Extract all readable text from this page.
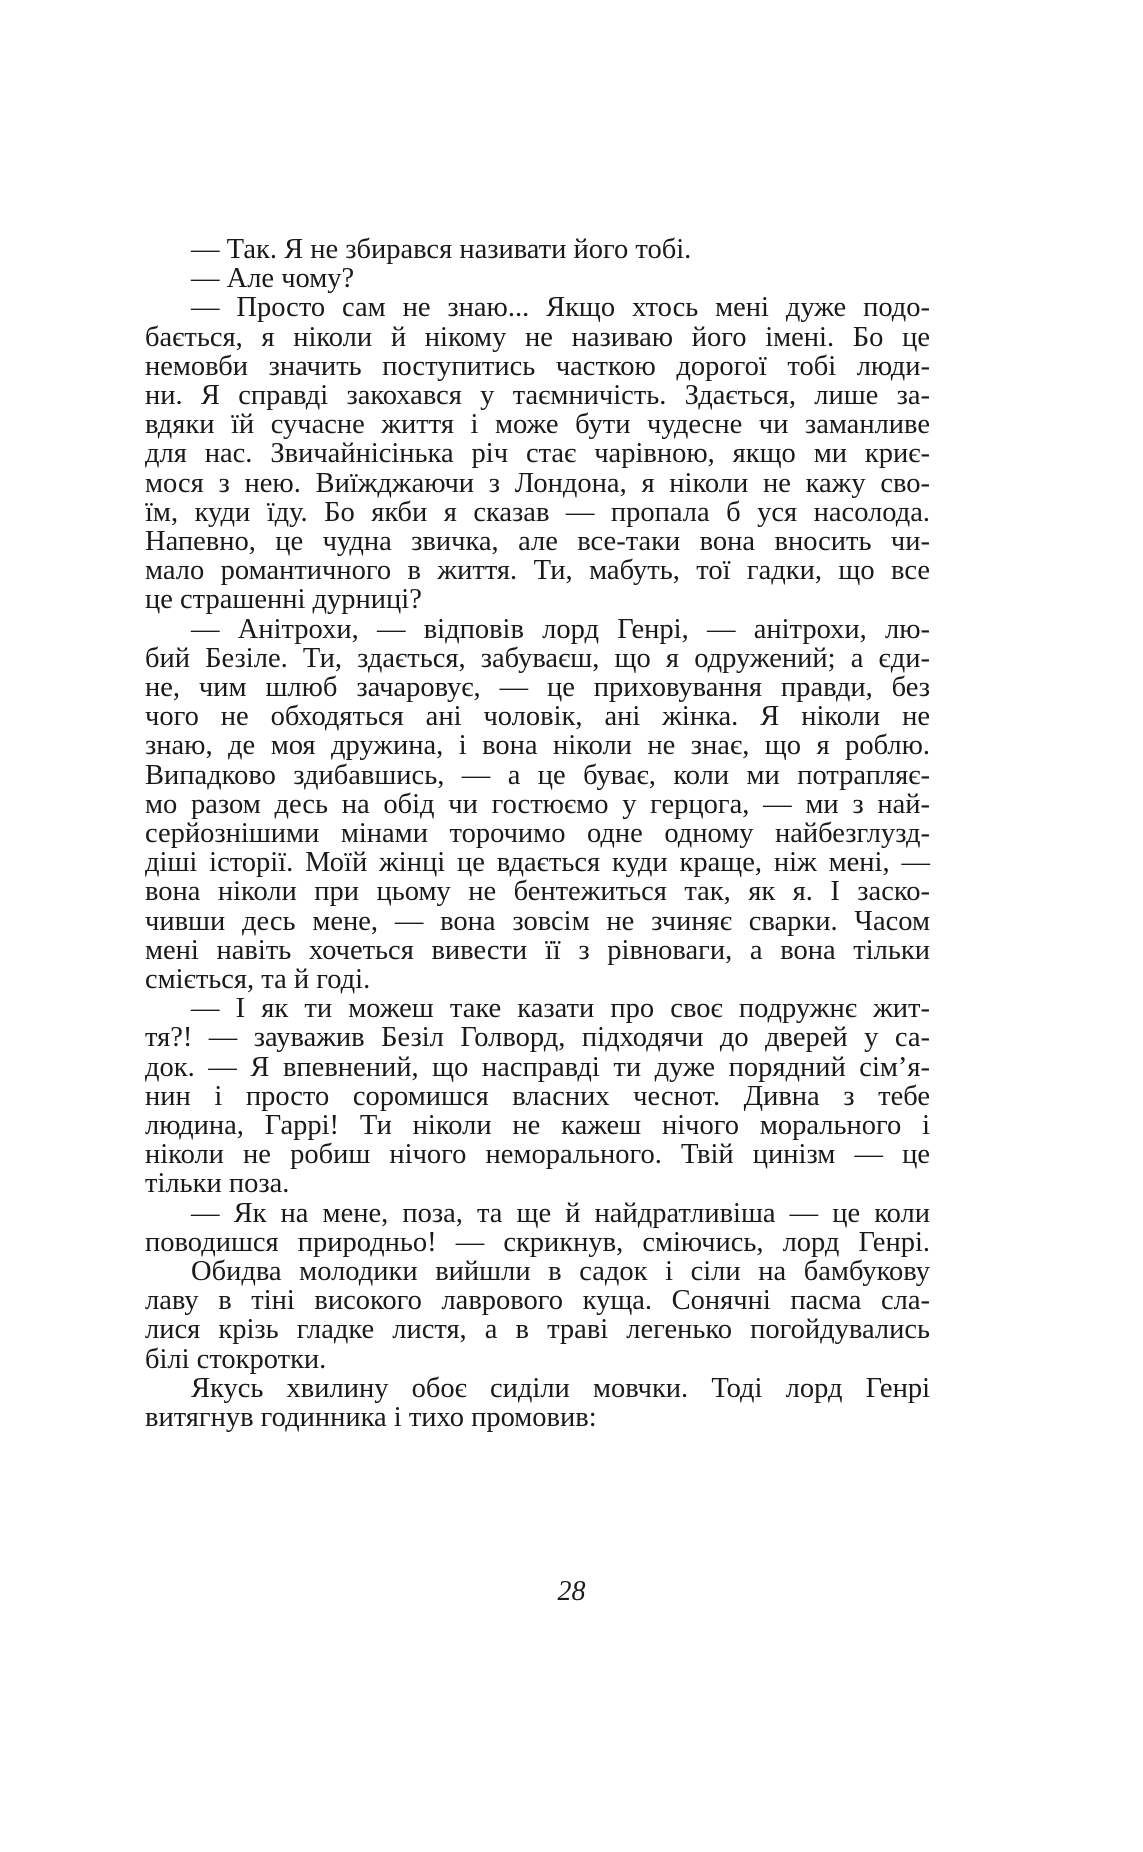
— Так. Я не збирався називати його тобі.
— Але чому?
— Просто сам не знаю... Якщо хтось мені дуже подо-
бається, я ніколи й нікому не називаю його імені. Бо це
немовби значить поступитись часткою дорогої тобі люди-
ни. Я справді закохався у таємничість. Здається, лише за-
вдяки їй сучасне життя і може бути чудесне чи заманливе
для нас. Звичайнісінька річ стає чарівною, якщо ми криє-
мося з нею. Виїжджаючи з Лондона, я ніколи не кажу сво-
їм, куди їду. Бо якби я сказав — пропала б уся насолода.
Напевно, це чудна звичка, але все-таки вона вносить чи-
мало романтичного в життя. Ти, мабуть, тої гадки, що все
це страшенні дурниці?
— Анітрохи, — відповів лорд Генрі, — анітрохи, лю-
бий Безіле. Ти, здається, забуваєш, що я одружений; а єди-
не, чим шлюб зачаровує, — це приховування правди, без
чого не обходяться ані чоловік, ані жінка. Я ніколи не
знаю, де моя дружина, і вона ніколи не знає, що я роблю.
Випадково здибавшись, — а це буває, коли ми потрапляє-
мо разом десь на обід чи гостюємо у герцога, — ми з най-
серйознішими мінами торочимо одне одному найбезглузд-
діші історії. Моїй жінці це вдається куди краще, ніж мені, —
вона ніколи при цьому не бентежиться так, як я. І заско-
чивши десь мене, — вона зовсім не зчиняє сварки. Часом
мені навіть хочеться вивести її з рівноваги, а вона тільки
сміється, та й годі.
— І як ти можеш таке казати про своє подружнє жит-
тя?! — зауважив Безіл Голворд, підходячи до дверей у са-
док. — Я впевнений, що насправді ти дуже порядний сім’я-
нин і просто соромишся власних чеснот. Дивна з тебе
людина, Гаррі! Ти ніколи не кажеш нічого морального і
ніколи не робиш нічого неморального. Твій цинізм — це
тільки поза.
— Як на мене, поза, та ще й найдратливіша — це коли
поводишся природньо! — скрикнув, сміючись, лорд Генрі.
Обидва молодики вийшли в садок і сіли на бамбукову
лаву в тіні високого лаврового куща. Сонячні пасма сла-
лися крізь гладке листя, а в траві легенько погойдувались
білі стокротки.
Якусь хвилину обоє сиділи мовчки. Тоді лорд Генрі
витягнув годинника і тихо промовив:
28
